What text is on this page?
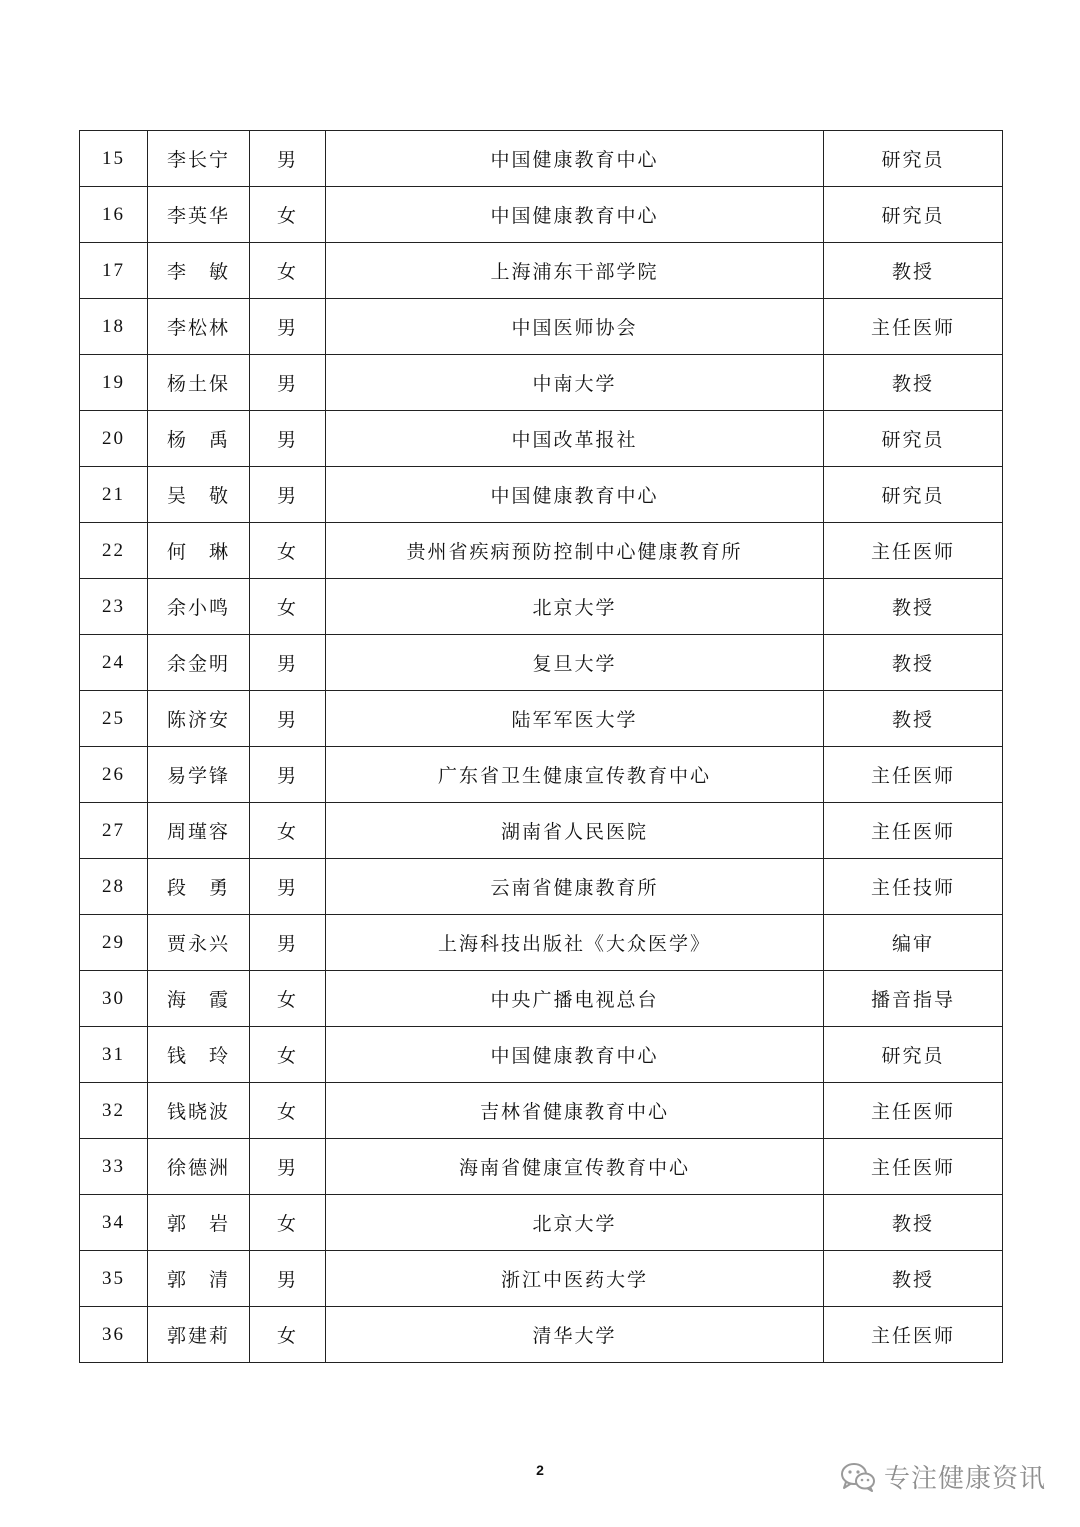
15	李长宁	男	中国健康教育中心	研究员
16	李英华	女	中国健康教育中心	研究员
17	李　敏	女	上海浦东干部学院	教授
18	李松林	男	中国医师协会	主任医师
19	杨土保	男	中南大学	教授
20	杨　禹	男	中国改革报社	研究员
21	吴　敬	男	中国健康教育中心	研究员
22	何　琳	女	贵州省疾病预防控制中心健康教育所	主任医师
23	余小鸣	女	北京大学	教授
24	余金明	男	复旦大学	教授
25	陈济安	男	陆军军医大学	教授
26	易学锋	男	广东省卫生健康宣传教育中心	主任医师
27	周瑾容	女	湖南省人民医院	主任医师
28	段　勇	男	云南省健康教育所	主任技师
29	贾永兴	男	上海科技出版社《大众医学》	编审
30	海　霞	女	中央广播电视总台	播音指导
31	钱　玲	女	中国健康教育中心	研究员
32	钱晓波	女	吉林省健康教育中心	主任医师
33	徐德洲	男	海南省健康宣传教育中心	主任医师
34	郭　岩	女	北京大学	教授
35	郭　清	男	浙江中医药大学	教授
36	郭建莉	女	清华大学	主任医师
2	专注健康资讯
